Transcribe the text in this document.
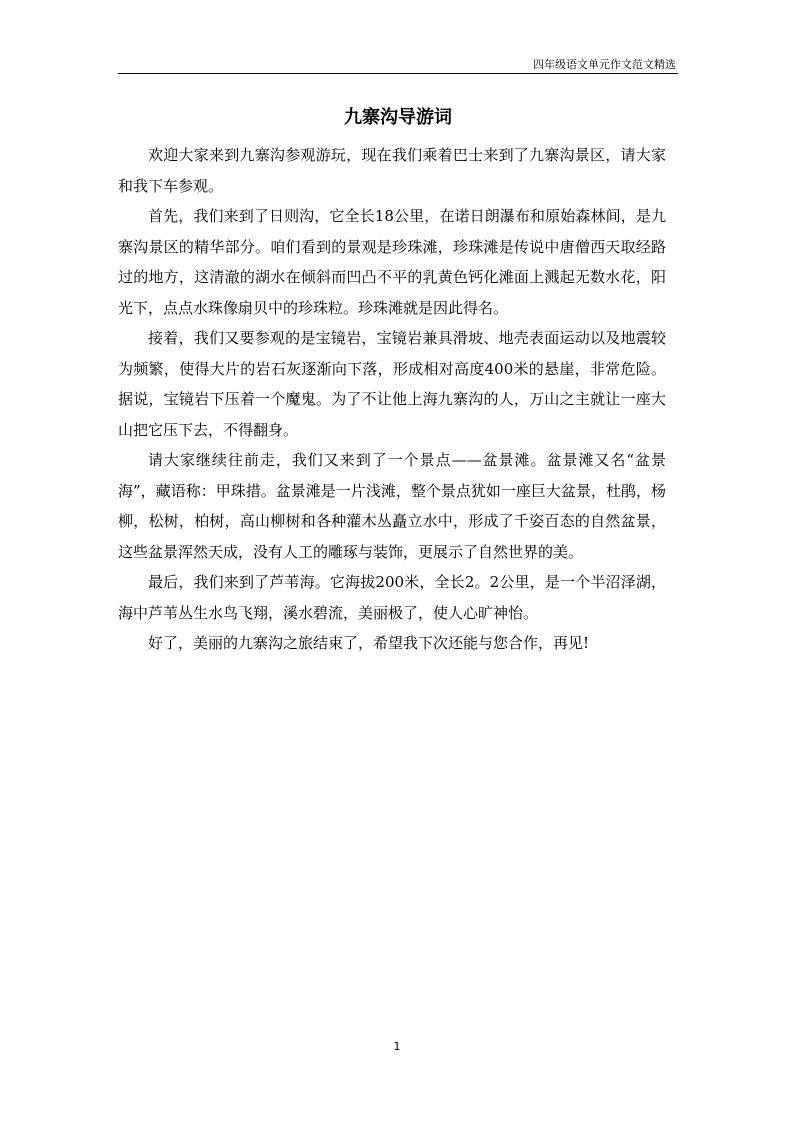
四年级语文单元作文范文精选
九寨沟导游词

欢迎大家来到九寨沟参观游玩，现在我们乘着巴士来到了九寨沟景区，请大家和我下车参观。

首先，我们来到了日则沟，它全长18公里，在诺日朗瀑布和原始森林间，是九寨沟景区的精华部分。咱们看到的景观是珍珠滩，珍珠滩是传说中唐僧西天取经路过的地方，这清澈的湖水在倾斜而凹凸不平的乳黄色钙化滩面上溅起无数水花，阳光下，点点水珠像扇贝中的珍珠粒。珍珠滩就是因此得名。

接着，我们又要参观的是宝镜岩，宝镜岩兼具滑坡、地壳表面运动以及地震较为频繁，使得大片的岩石灰逐渐向下落，形成相对高度400米的悬崖，非常危险。据说，宝镜岩下压着一个魔鬼。为了不让他上海九寨沟的人，万山之主就让一座大山把它压下去，不得翻身。

请大家继续往前走，我们又来到了一个景点——盆景滩。盆景滩又名“盆景海”，藏语称：甲珠措。盆景滩是一片浅滩，整个景点犹如一座巨大盆景，杜鹃，杨柳，松树，柏树，高山柳树和各种灌木丛矗立水中，形成了千姿百态的自然盆景，这些盆景浑然天成，没有人工的雕琢与装饰，更展示了自然世界的美。

最后，我们来到了芦苇海。它海拔200米，全长2。2公里，是一个半沼泽湖，海中芦苇丛生水鸟飞翔，溪水碧流，美丽极了，使人心旷神怡。

好了，美丽的九寨沟之旅结束了，希望我下次还能与您合作，再见!

1
